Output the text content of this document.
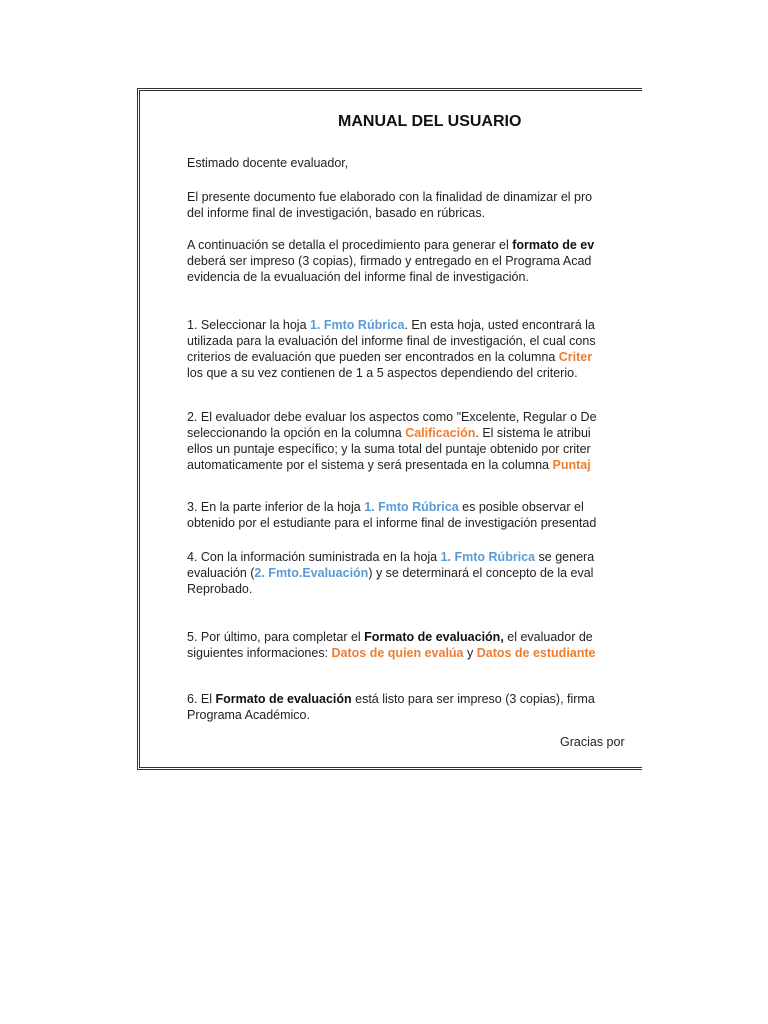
MANUAL DEL USUARIO
Estimado docente evaluador,
El presente documento fue elaborado con la finalidad de dinamizar el pro
del informe final de investigación, basado en rúbricas.
A continuación se detalla el procedimiento para generar el formato de ev
deberá ser impreso (3 copias), firmado y entregado en el Programa Acad
evidencia de la evualuación del informe final de investigación.
1. Seleccionar la hoja 1. Fmto Rúbrica. En esta hoja, usted encontrará la
utilizada para la evaluación del informe final de investigación, el cual cons
criterios de evaluación que pueden ser encontrados en la columna Criter
los que a su vez contienen de 1 a 5 aspectos dependiendo del criterio.
2. El evaluador debe evaluar los aspectos como "Excelente, Regular o De
seleccionando la opción en la columna Calificación. El sistema le atribui
ellos un puntaje específico; y la suma total del puntaje obtenido por criter
automaticamente por el sistema y será presentada en la columna Puntaj
3. En la parte inferior de la hoja 1. Fmto Rúbrica es posible observar el
obtenido por el estudiante para el informe final de investigación presentad
4. Con la información suministrada en la hoja 1. Fmto Rúbrica se genera
evaluación (2. Fmto.Evaluación) y se determinará el concepto de la eval
Reprobado.
5. Por último, para completar el Formato de evaluación, el evaluador de
siguientes informaciones: Datos de quien evalúa y Datos de estudiante
6. El Formato de evaluación está listo para ser impreso (3 copias), firma
Programa Académico.
Gracias por
